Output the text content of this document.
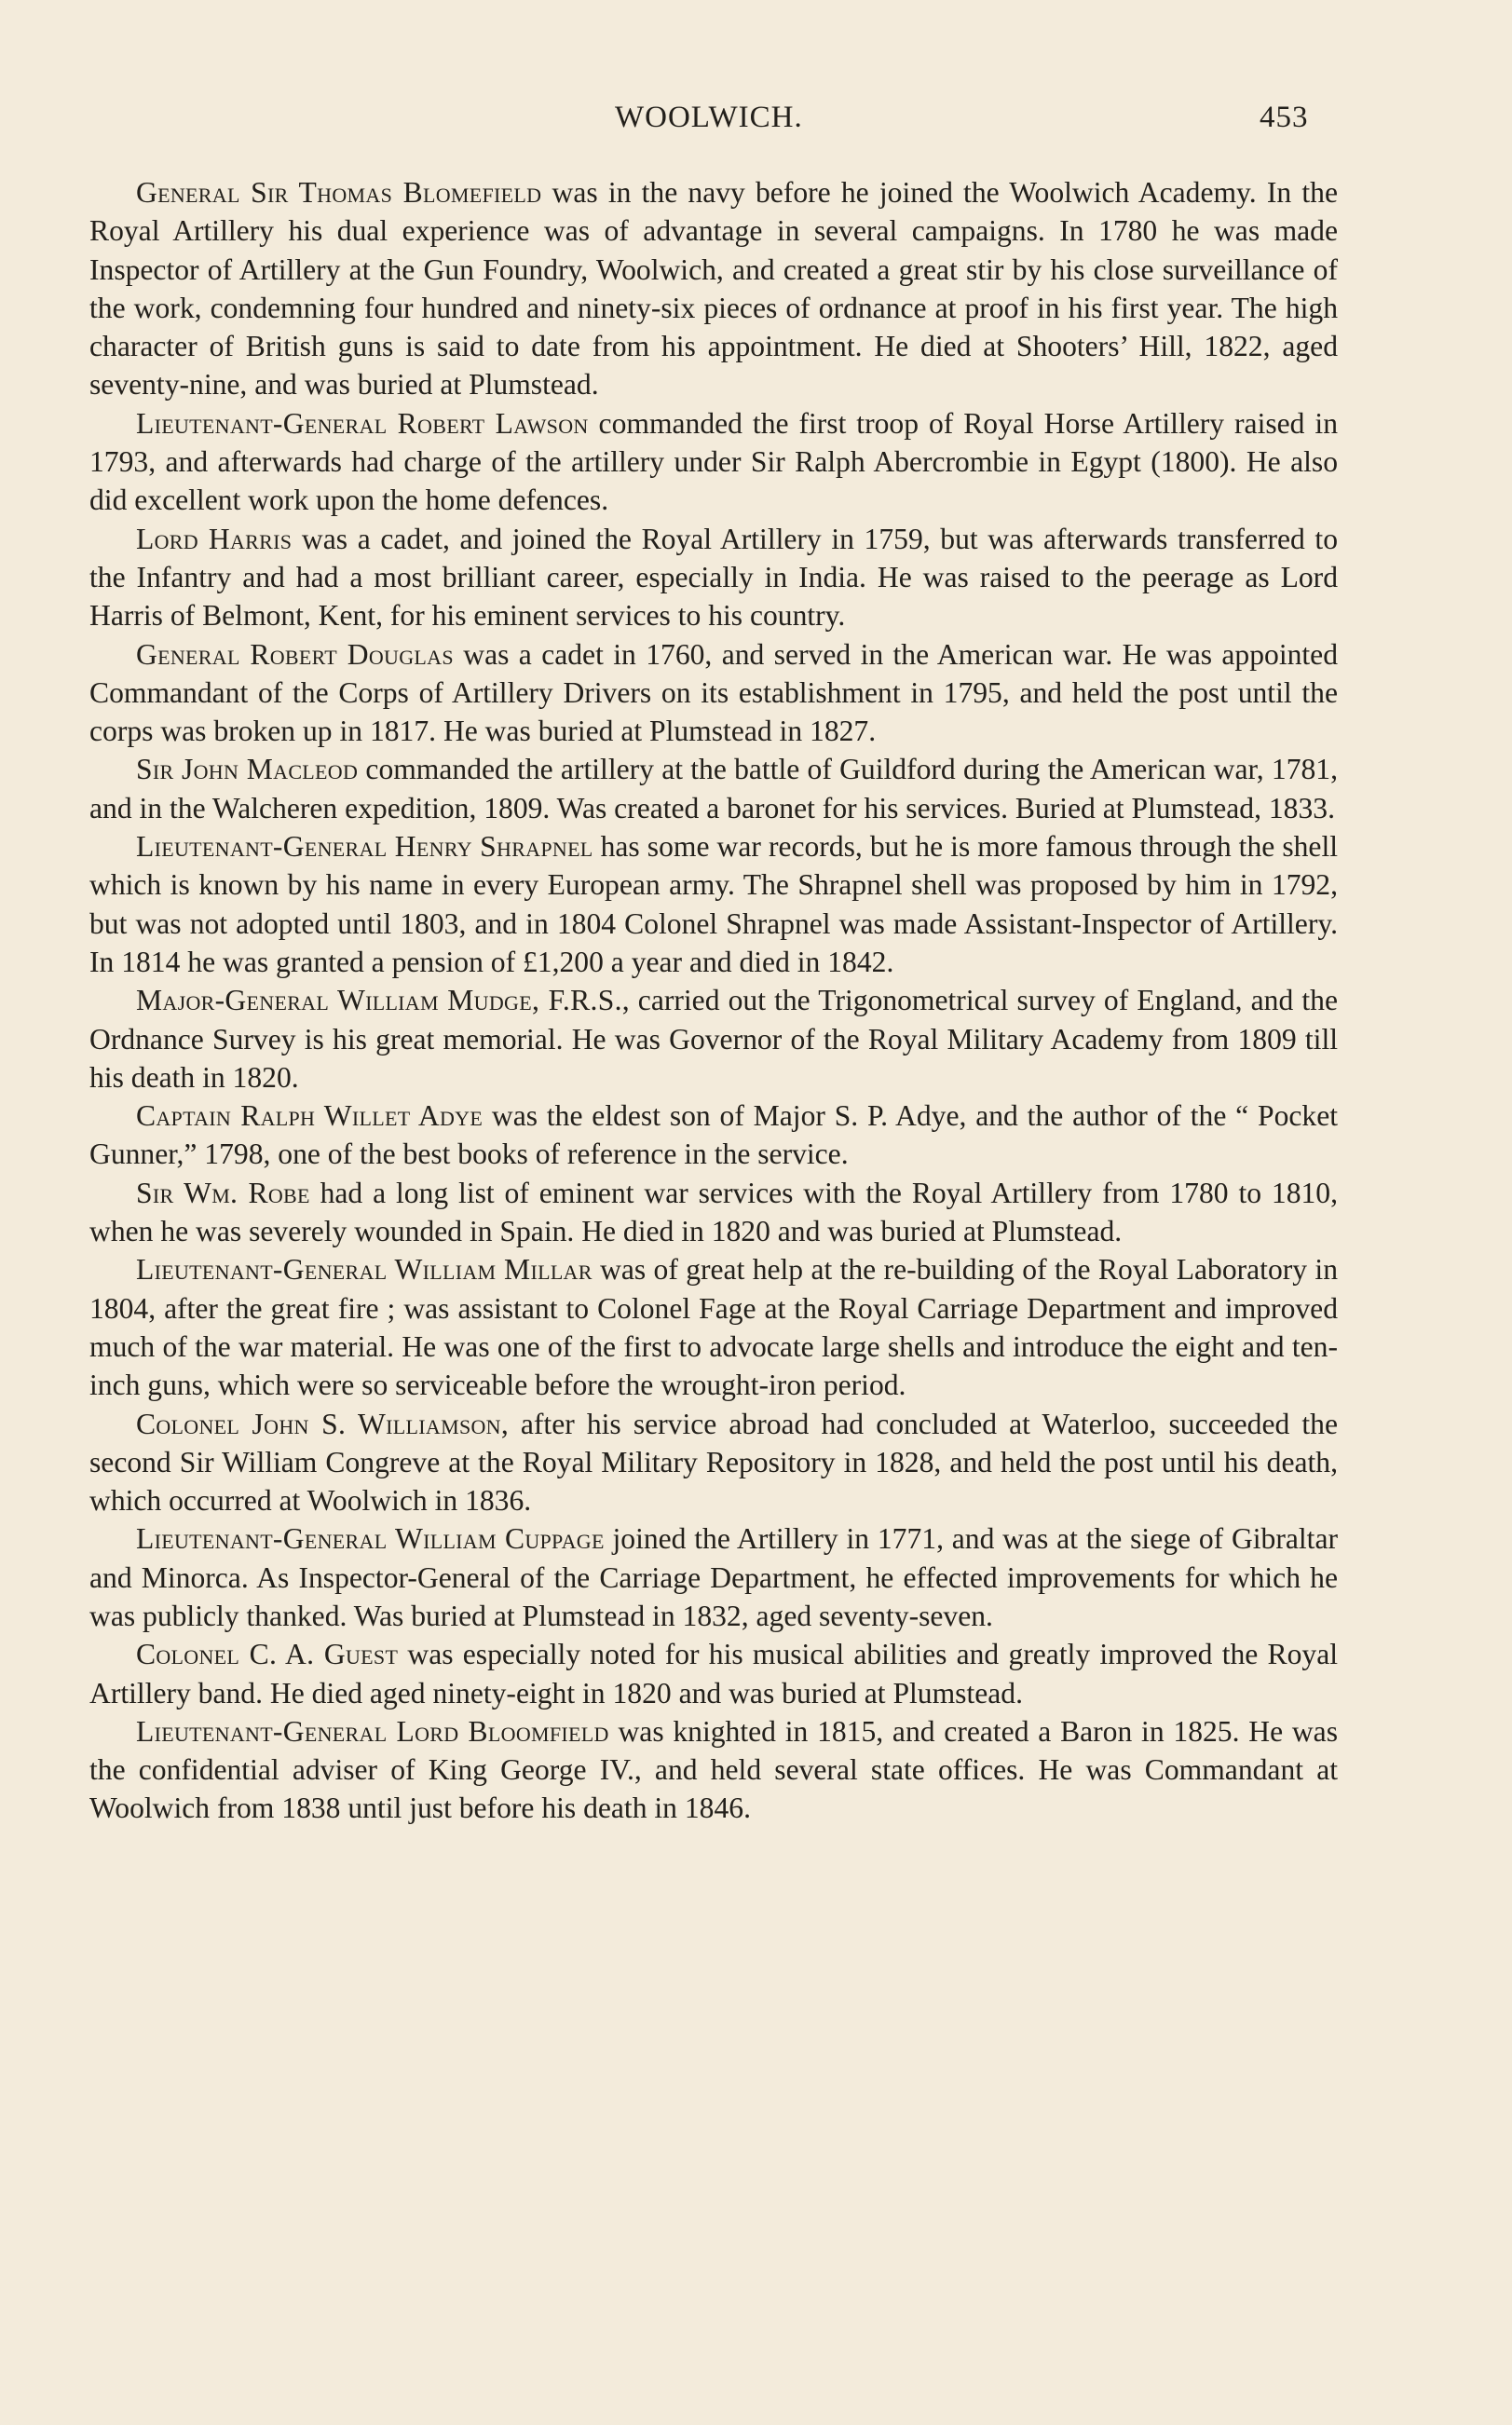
WOOLWICH.	453

General Sir Thomas Blomefield was in the navy before he joined the Woolwich Academy. In the Royal Artillery his dual experience was of advantage in several campaigns. In 1780 he was made Inspector of Artillery at the Gun Foundry, Woolwich, and created a great stir by his close surveillance of the work, condemning four hundred and ninety-six pieces of ordnance at proof in his first year. The high character of British guns is said to date from his appointment. He died at Shooters’ Hill, 1822, aged seventy-nine, and was buried at Plumstead.

Lieutenant-General Robert Lawson commanded the first troop of Royal Horse Artillery raised in 1793, and afterwards had charge of the artillery under Sir Ralph Abercrombie in Egypt (1800). He also did excellent work upon the home defences.

Lord Harris was a cadet, and joined the Royal Artillery in 1759, but was afterwards transferred to the Infantry and had a most brilliant career, especially in India. He was raised to the peerage as Lord Harris of Belmont, Kent, for his eminent services to his country.

General Robert Douglas was a cadet in 1760, and served in the American war. He was appointed Commandant of the Corps of Artillery Drivers on its establishment in 1795, and held the post until the corps was broken up in 1817. He was buried at Plumstead in 1827.

Sir John Macleod commanded the artillery at the battle of Guildford during the American war, 1781, and in the Walcheren expedition, 1809. Was created a baronet for his services. Buried at Plumstead, 1833.

Lieutenant-General Henry Shrapnel has some war records, but he is more famous through the shell which is known by his name in every European army. The Shrapnel shell was proposed by him in 1792, but was not adopted until 1803, and in 1804 Colonel Shrapnel was made Assistant-Inspector of Artillery. In 1814 he was granted a pension of £1,200 a year and died in 1842.

Major-General William Mudge, F.R.S., carried out the Trigonometrical survey of England, and the Ordnance Survey is his great memorial. He was Governor of the Royal Military Academy from 1809 till his death in 1820.

Captain Ralph Willet Adye was the eldest son of Major S. P. Adye, and the author of the “ Pocket Gunner,” 1798, one of the best books of reference in the service.

Sir Wm. Robe had a long list of eminent war services with the Royal Artillery from 1780 to 1810, when he was severely wounded in Spain. He died in 1820 and was buried at Plumstead.

Lieutenant-General William Millar was of great help at the re-building of the Royal Laboratory in 1804, after the great fire ; was assistant to Colonel Fage at the Royal Carriage Department and improved much of the war material. He was one of the first to advocate large shells and introduce the eight and ten-inch guns, which were so serviceable before the wrought-iron period.

Colonel John S. Williamson, after his service abroad had concluded at Waterloo, succeeded the second Sir William Congreve at the Royal Military Repository in 1828, and held the post until his death, which occurred at Woolwich in 1836.

Lieutenant-General William Cuppage joined the Artillery in 1771, and was at the siege of Gibraltar and Minorca. As Inspector-General of the Carriage Department, he effected improvements for which he was publicly thanked. Was buried at Plumstead in 1832, aged seventy-seven.

Colonel C. A. Guest was especially noted for his musical abilities and greatly improved the Royal Artillery band. He died aged ninety-eight in 1820 and was buried at Plumstead.

Lieutenant-General Lord Bloomfield was knighted in 1815, and created a Baron in 1825. He was the confidential adviser of King George IV., and held several state offices. He was Commandant at Woolwich from 1838 until just before his death in 1846.
